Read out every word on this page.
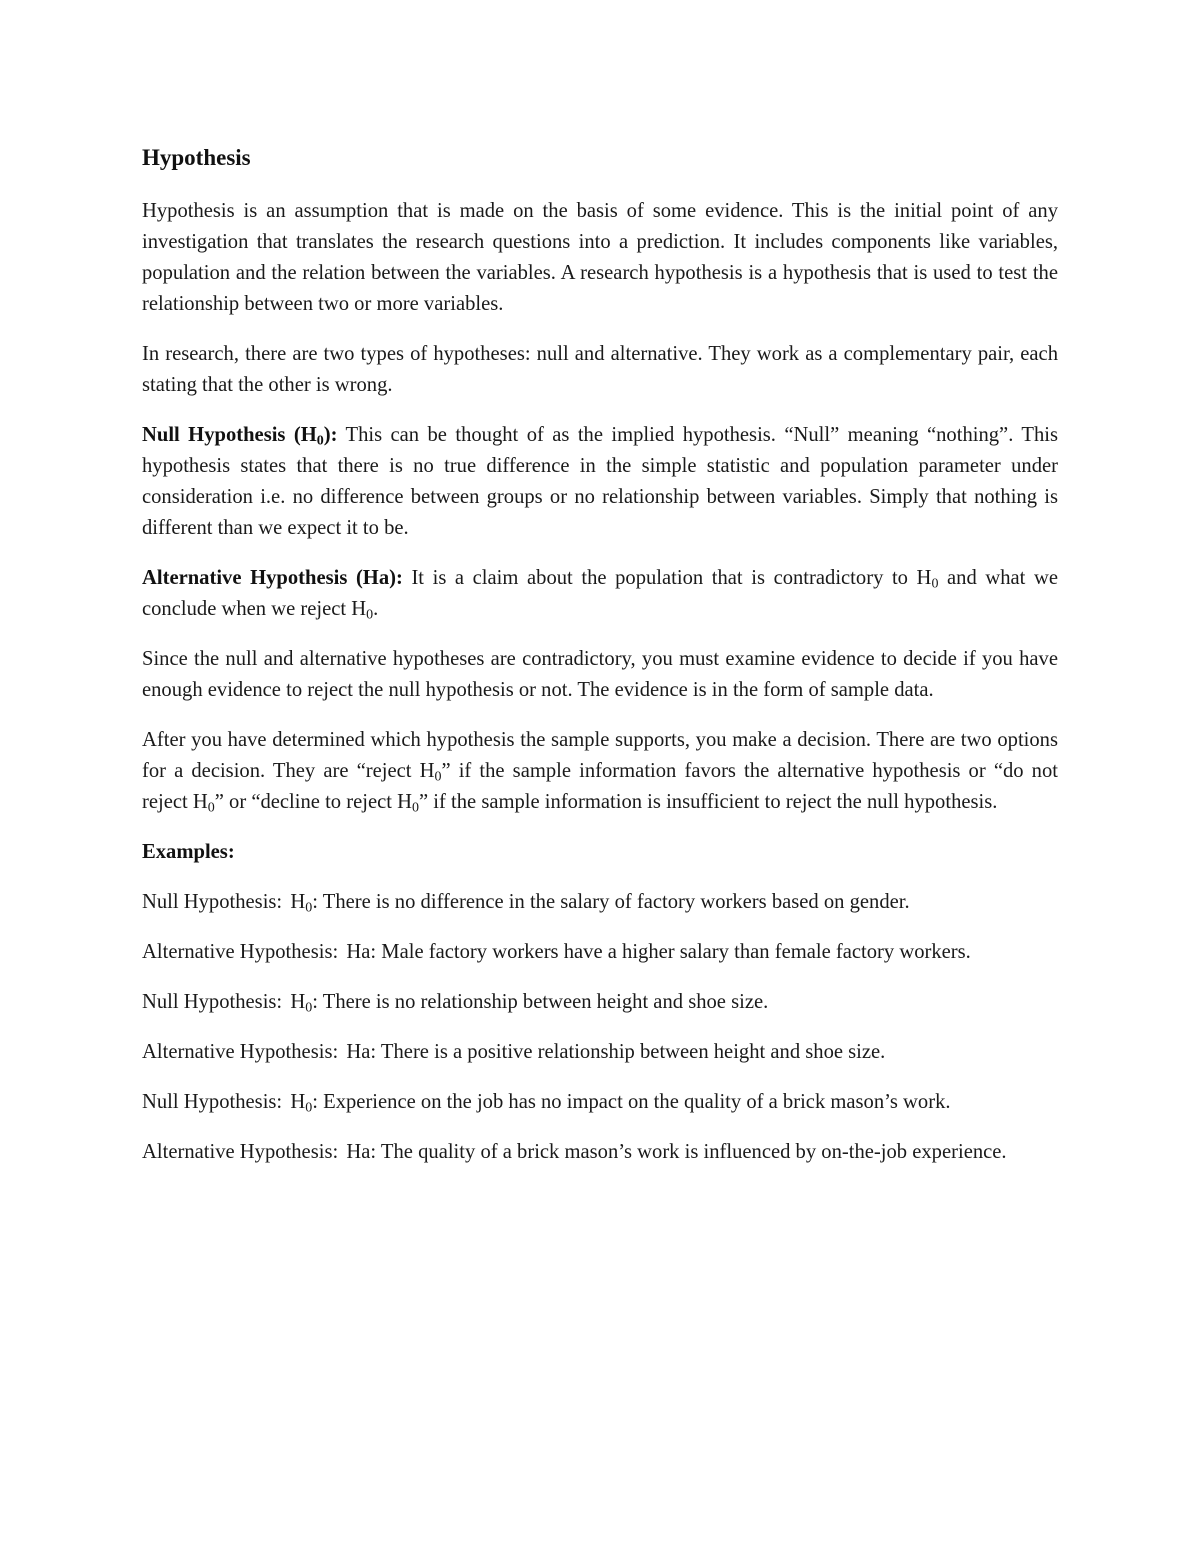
Hypothesis

Hypothesis is an assumption that is made on the basis of some evidence. This is the initial point of any investigation that translates the research questions into a prediction. It includes components like variables, population and the relation between the variables. A research hypothesis is a hypothesis that is used to test the relationship between two or more variables.

In research, there are two types of hypotheses: null and alternative. They work as a complementary pair, each stating that the other is wrong.

Null Hypothesis $(H_0)$: This can be thought of as the implied hypothesis. “Null” meaning “nothing”. This hypothesis states that there is no true difference in the simple statistic and population parameter under consideration i.e. no difference between groups or no relationship between variables. Simply that nothing is different than we expect it to be.

Alternative Hypothesis (Ha): It is a claim about the population that is contradictory to $H_0$ and what we conclude when we reject $H_0$.

Since the null and alternative hypotheses are contradictory, you must examine evidence to decide if you have enough evidence to reject the null hypothesis or not. The evidence is in the form of sample data.

After you have determined which hypothesis the sample supports, you make a decision. There are two options for a decision. They are “reject $H_0$” if the sample information favors the alternative hypothesis or “do not reject $H_0$” or “decline to reject $H_0$” if the sample information is insufficient to reject the null hypothesis.

Examples:

Null Hypothesis: $H_0$: There is no difference in the salary of factory workers based on gender.

Alternative Hypothesis: Ha: Male factory workers have a higher salary than female factory workers.

Null Hypothesis: $H_0$: There is no relationship between height and shoe size.

Alternative Hypothesis: Ha: There is a positive relationship between height and shoe size.

Null Hypothesis: $H_0$: Experience on the job has no impact on the quality of a brick mason’s work.

Alternative Hypothesis: Ha: The quality of a brick mason’s work is influenced by on-the-job experience.
